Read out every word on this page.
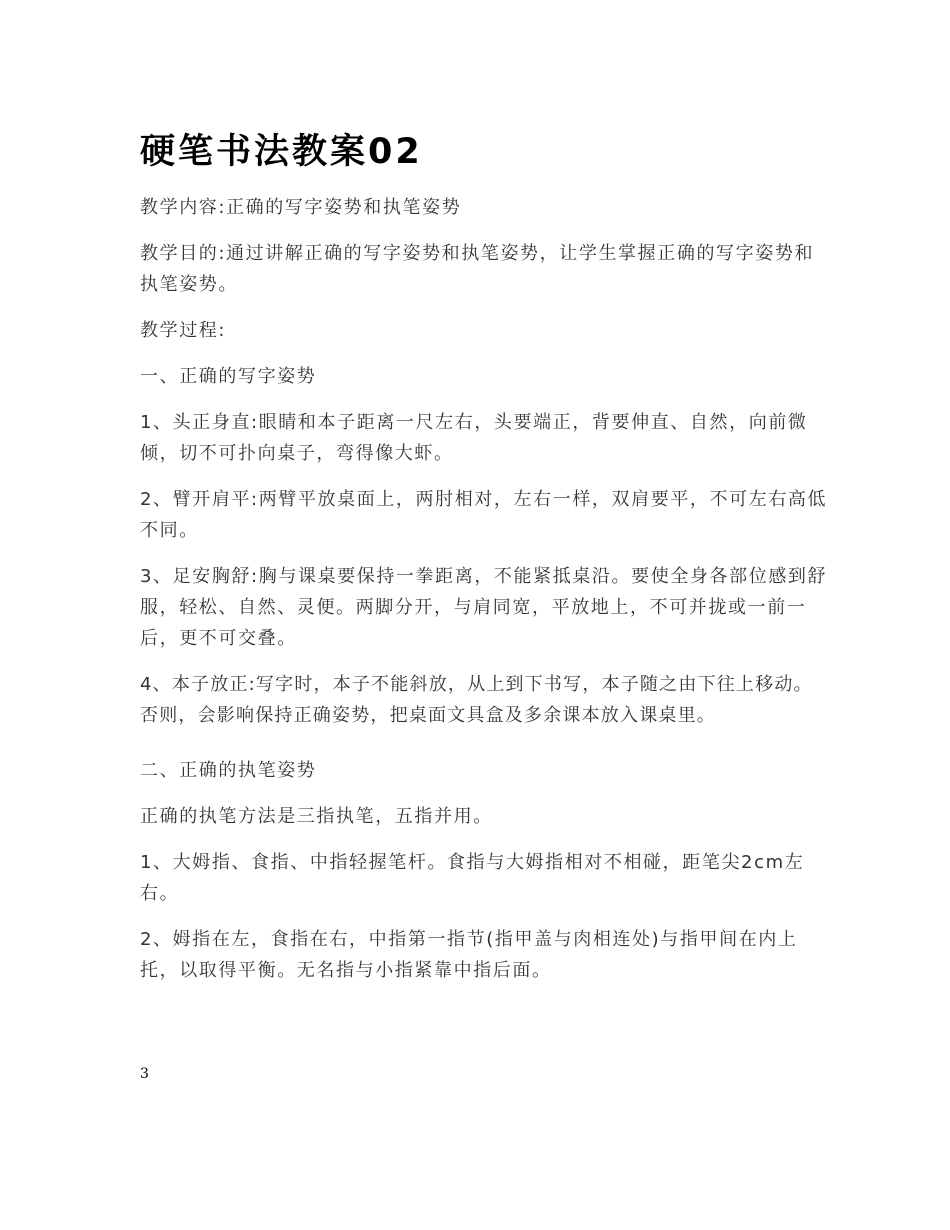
硬笔书法教案02

教学内容:正确的写字姿势和执笔姿势

教学目的:通过讲解正确的写字姿势和执笔姿势，让学生掌握正确的写字姿势和执笔姿势。

教学过程:

一、正确的写字姿势

1、头正身直:眼睛和本子距离一尺左右，头要端正，背要伸直、自然，向前微倾，切不可扑向桌子，弯得像大虾。

2、臂开肩平:两臂平放桌面上，两肘相对，左右一样，双肩要平，不可左右高低不同。

3、足安胸舒:胸与课桌要保持一拳距离，不能紧抵桌沿。要使全身各部位感到舒服，轻松、自然、灵便。两脚分开，与肩同宽，平放地上，不可并拢或一前一后，更不可交叠。

4、本子放正:写字时，本子不能斜放，从上到下书写，本子随之由下往上移动。否则，会影响保持正确姿势，把桌面文具盒及多余课本放入课桌里。

二、正确的执笔姿势

正确的执笔方法是三指执笔，五指并用。

1、大姆指、食指、中指轻握笔杆。食指与大姆指相对不相碰，距笔尖2cm左右。

2、姆指在左，食指在右，中指第一指节(指甲盖与肉相连处)与指甲间在内上托，以取得平衡。无名指与小指紧靠中指后面。

3
